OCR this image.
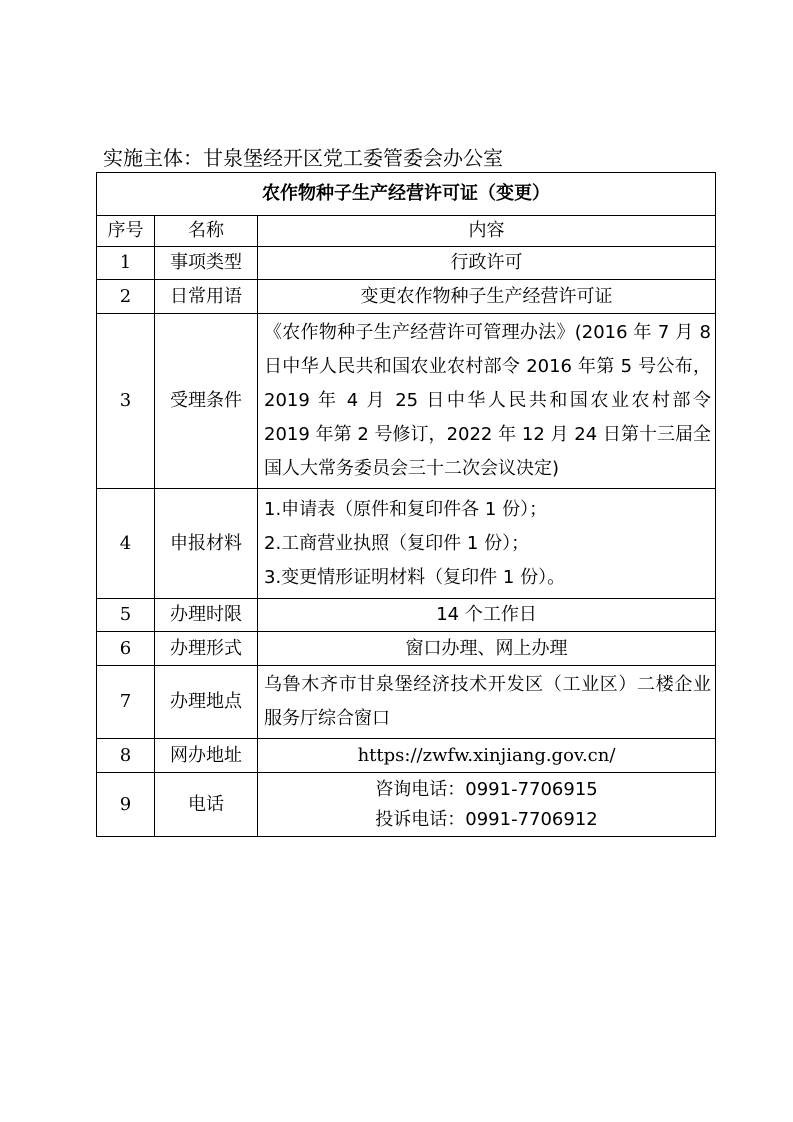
实施主体：甘泉堡经开区党工委管委会办公室
农作物种子生产经营许可证（变更）		
序号	名称	内容
1	事项类型	行政许可
2	日常用语	变更农作物种子生产经营许可证
3	受理条件	《农作物种子生产经营许可管理办法》(2016 年 7 月 8 日中华人民共和国农业农村部令 2016 年第 5 号公布，2019 年 4 月 25 日中华人民共和国农业农村部令 2019 年第 2 号修订，2022 年 12 月 24 日第十三届全国人大常务委员会三十二次会议决定)
4	申报材料	1.申请表（原件和复印件各 1 份）；
2.工商营业执照（复印件 1 份）；
3.变更情形证明材料（复印件 1 份）。

5	办理时限	14 个工作日
6	办理形式	窗口办理、网上办理
7	办理地点	乌鲁木齐市甘泉堡经济技术开发区（工业区）二楼企业服务厅综合窗口
8	网办地址	https://zwfw.xinjiang.gov.cn/
9	电话	咨询电话：0991-7706915
投诉电话：0991-7706912
